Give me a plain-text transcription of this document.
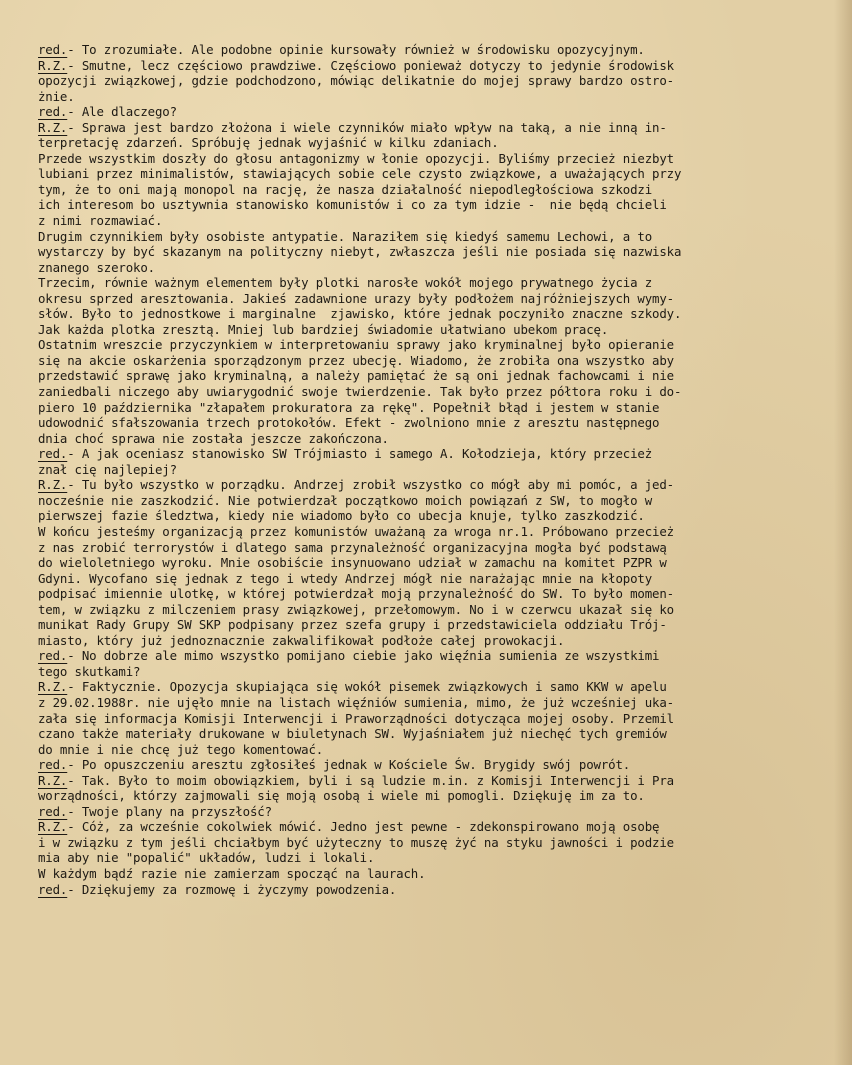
red.- To zrozumiałe. Ale podobne opinie kursowały również w środowisku opozycyjnym.
R.Z.- Smutne, lecz częściowo prawdziwe. Częściowo ponieważ dotyczy to jedynie środowisk
opozycji związkowej, gdzie podchodzono, mówiąc delikatnie do mojej sprawy bardzo ostro-
żnie.
red.- Ale dlaczego?
R.Z.- Sprawa jest bardzo złożona i wiele czynników miało wpływ na taką, a nie inną in-
terpretację zdarzeń. Spróbuję jednak wyjaśnić w kilku zdaniach.
Przede wszystkim doszły do głosu antagonizmy w łonie opozycji. Byliśmy przecież niezbyt
lubiani przez minimalistów, stawiających sobie cele czysto związkowe, a uważających przy
tym, że to oni mają monopol na rację, że nasza działalność niepodległościowa szkodzi
ich interesom bo usztywnia stanowisko komunistów i co za tym idzie -  nie będą chcieli
z nimi rozmawiać.
Drugim czynnikiem były osobiste antypatie. Naraziłem się kiedyś samemu Lechowi, a to
wystarczy by być skazanym na polityczny niebyt, zwłaszcza jeśli nie posiada się nazwiska
znanego szeroko.
Trzecim, równie ważnym elementem były plotki narosłe wokół mojego prywatnego życia z
okresu sprzed aresztowania. Jakieś zadawnione urazy były podłożem najróżniejszych wymy-
słów. Było to jednostkowe i marginalne  zjawisko, które jednak poczyniło znaczne szkody.
Jak każda plotka zresztą. Mniej lub bardziej świadomie ułatwiano ubekom pracę.
Ostatnim wreszcie przyczynkiem w interpretowaniu sprawy jako kryminalnej było opieranie
się na akcie oskarżenia sporządzonym przez ubecję. Wiadomo, że zrobiła ona wszystko aby
przedstawić sprawę jako kryminalną, a należy pamiętać że są oni jednak fachowcami i nie
zaniedbali niczego aby uwiarygodnić swoje twierdzenie. Tak było przez półtora roku i do-
piero 10 października "złapałem prokuratora za rękę". Popełnił błąd i jestem w stanie
udowodnić sfałszowania trzech protokołów. Efekt - zwolniono mnie z aresztu następnego
dnia choć sprawa nie została jeszcze zakończona.
red.- A jak oceniasz stanowisko SW Trójmiasto i samego A. Kołodzieja, który przecież
znał cię najlepiej?
R.Z.- Tu było wszystko w porządku. Andrzej zrobił wszystko co mógł aby mi pomóc, a jed-
nocześnie nie zaszkodzić. Nie potwierdzał początkowo moich powiązań z SW, to mogło w
pierwszej fazie śledztwa, kiedy nie wiadomo było co ubecja knuje, tylko zaszkodzić.
W końcu jesteśmy organizacją przez komunistów uważaną za wroga nr.1. Próbowano przecież
z nas zrobić terrorystów i dlatego sama przynależność organizacyjna mogła być podstawą
do wieloletniego wyroku. Mnie osobiście insynuowano udział w zamachu na komitet PZPR w
Gdyni. Wycofano się jednak z tego i wtedy Andrzej mógł nie narażając mnie na kłopoty
podpisać imiennie ulotkę, w której potwierdzał moją przynależność do SW. To było momen-
tem, w związku z milczeniem prasy związkowej, przełomowym. No i w czerwcu ukazał się ko
munikat Rady Grupy SW SKP podpisany przez szefa grupy i przedstawiciela oddziału Trój-
miasto, który już jednoznacznie zakwalifikował podłoże całej prowokacji.
red.- No dobrze ale mimo wszystko pomijano ciebie jako więźnia sumienia ze wszystkimi
tego skutkami?
R.Z.- Faktycznie. Opozycja skupiająca się wokół pisemek związkowych i samo KKW w apelu
z 29.02.1988r. nie ujęło mnie na listach więźniów sumienia, mimo, że już wcześniej uka-
zała się informacja Komisji Interwencji i Praworządności dotycząca mojej osoby. Przemil
czano także materiały drukowane w biuletynach SW. Wyjaśniałem już niechęć tych gremiów
do mnie i nie chcę już tego komentować.
red.- Po opuszczeniu aresztu zgłosiłeś jednak w Kościele Św. Brygidy swój powrót.
R.Z.- Tak. Było to moim obowiązkiem, byli i są ludzie m.in. z Komisji Interwencji i Pra
worządności, którzy zajmowali się moją osobą i wiele mi pomogli. Dziękuję im za to.
red.- Twoje plany na przyszłość?
R.Z.- Cóż, za wcześnie cokolwiek mówić. Jedno jest pewne - zdekonspirowano moją osobę
i w związku z tym jeśli chciałbym być użyteczny to muszę żyć na styku jawności i podzie
mia aby nie "popalić" układów, ludzi i lokali.
W każdym bądź razie nie zamierzam spocząć na laurach.
red.- Dziękujemy za rozmowę i życzymy powodzenia.
